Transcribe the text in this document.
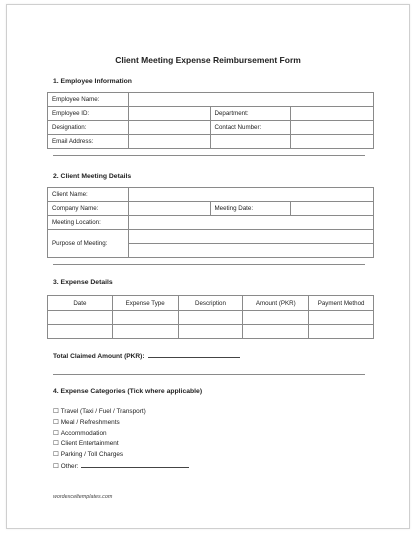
Client Meeting Expense Reimbursement Form
1. Employee Information
Employee Name:			
Employee ID:		Department:	
Designation:		Contact Number:	
Email Address:			
2. Client Meeting Details
Client Name:			
Company Name:		Meeting Date:	
Meeting Location:			
Purpose of Meeting:			

3. Expense Details
Date	Expense Type	Description	Amount (PKR)	Payment Method

Total Claimed Amount (PKR):
4. Expense Categories (Tick where applicable)
☐ Travel (Taxi / Fuel / Transport)
☐ Meal / Refreshments
☐ Accommodation
☐ Client Entertainment
☐ Parking / Toll Charges
☐ Other:
wordexceltemplates.com
